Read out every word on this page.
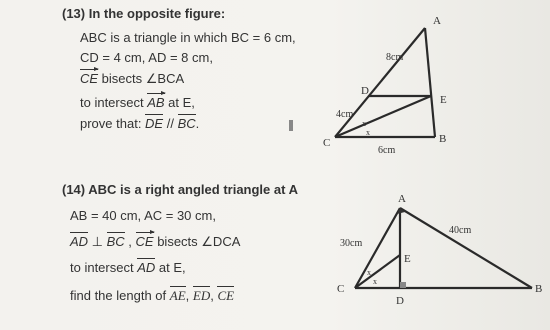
(13) In the opposite figure:
ABC is a triangle in which BC = 6 cm,
CD = 4 cm, AD = 8 cm,
CE bisects ∠BCA
to intersect AB at E,
prove that: DE // BC.
A
D
E
C	B
8cm
4cm
6cm
x
x
(14) ABC is a right angled triangle at A
AB = 40 cm, AC = 30 cm,
AD ⊥ BC , CE bisects ∠DCA
to intersect AD at E,
find the length of AE, ED, CE
A
E
C
D
B
30cm
40cm
x
x
